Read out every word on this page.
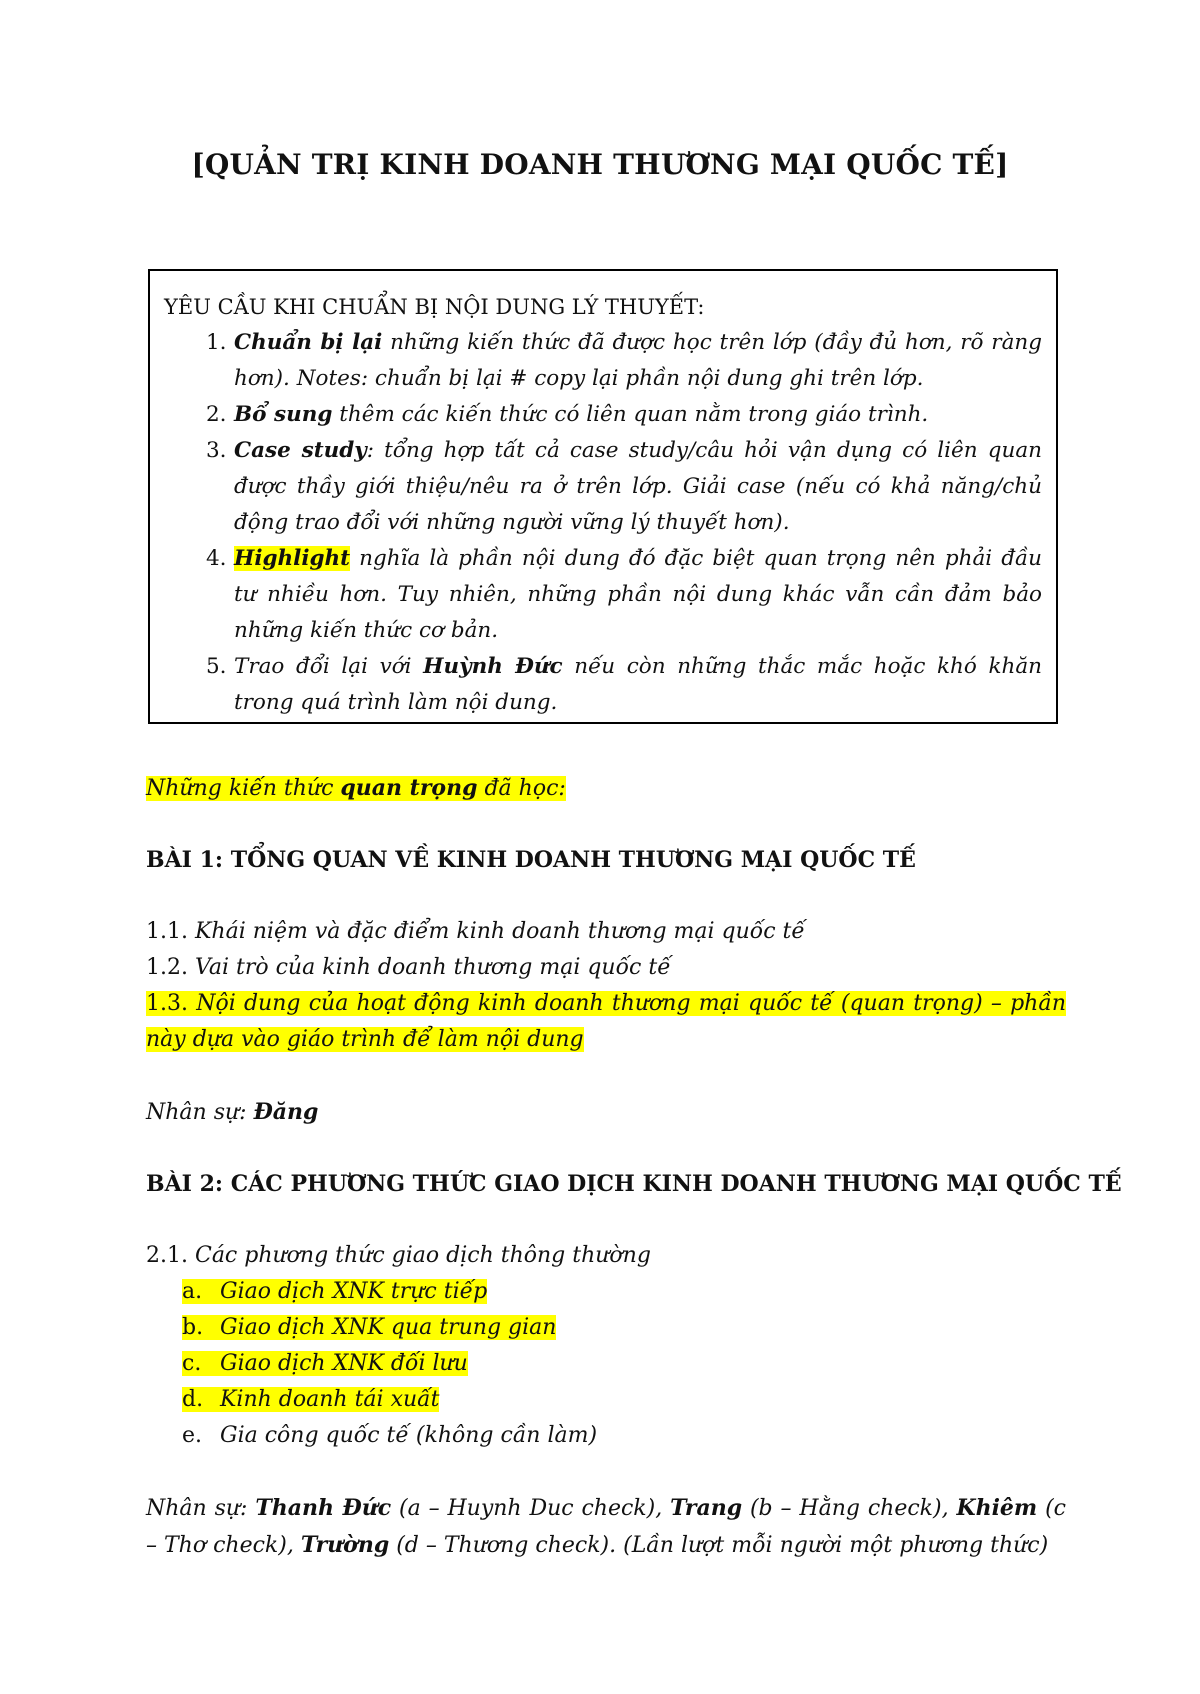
[QUẢN TRỊ KINH DOANH THƯƠNG MẠI QUỐC TẾ]
YÊU CẦU KHI CHUẨN BỊ NỘI DUNG LÝ THUYẾT:
1. Chuẩn bị lại những kiến thức đã được học trên lớp (đầy đủ hơn, rõ ràng hơn). Notes: chuẩn bị lại # copy lại phần nội dung ghi trên lớp.
2. Bổ sung thêm các kiến thức có liên quan nằm trong giáo trình.
3. Case study: tổng hợp tất cả case study/câu hỏi vận dụng có liên quan được thầy giới thiệu/nêu ra ở trên lớp. Giải case (nếu có khả năng/chủ động trao đổi với những người vững lý thuyết hơn).
4. Highlight nghĩa là phần nội dung đó đặc biệt quan trọng nên phải đầu tư nhiều hơn. Tuy nhiên, những phần nội dung khác vẫn cần đảm bảo những kiến thức cơ bản.
5. Trao đổi lại với Huỳnh Đức nếu còn những thắc mắc hoặc khó khăn trong quá trình làm nội dung.
Những kiến thức quan trọng đã học:
BÀI 1: TỔNG QUAN VỀ KINH DOANH THƯƠNG MẠI QUỐC TẾ
1.1. Khái niệm và đặc điểm kinh doanh thương mại quốc tế
1.2. Vai trò của kinh doanh thương mại quốc tế
1.3. Nội dung của hoạt động kinh doanh thương mại quốc tế (quan trọng) – phần này dựa vào giáo trình để làm nội dung
Nhân sự: Đăng
BÀI 2: CÁC PHƯƠNG THỨC GIAO DỊCH KINH DOANH THƯƠNG MẠI QUỐC TẾ
2.1. Các phương thức giao dịch thông thường
a. Giao dịch XNK trực tiếp
b. Giao dịch XNK qua trung gian
c. Giao dịch XNK đối lưu
d. Kinh doanh tái xuất
e. Gia công quốc tế (không cần làm)
Nhân sự: Thanh Đức (a – Huynh Duc check), Trang (b – Hằng check), Khiêm (c – Thơ check), Trường (d – Thương check). (Lần lượt mỗi người một phương thức)
